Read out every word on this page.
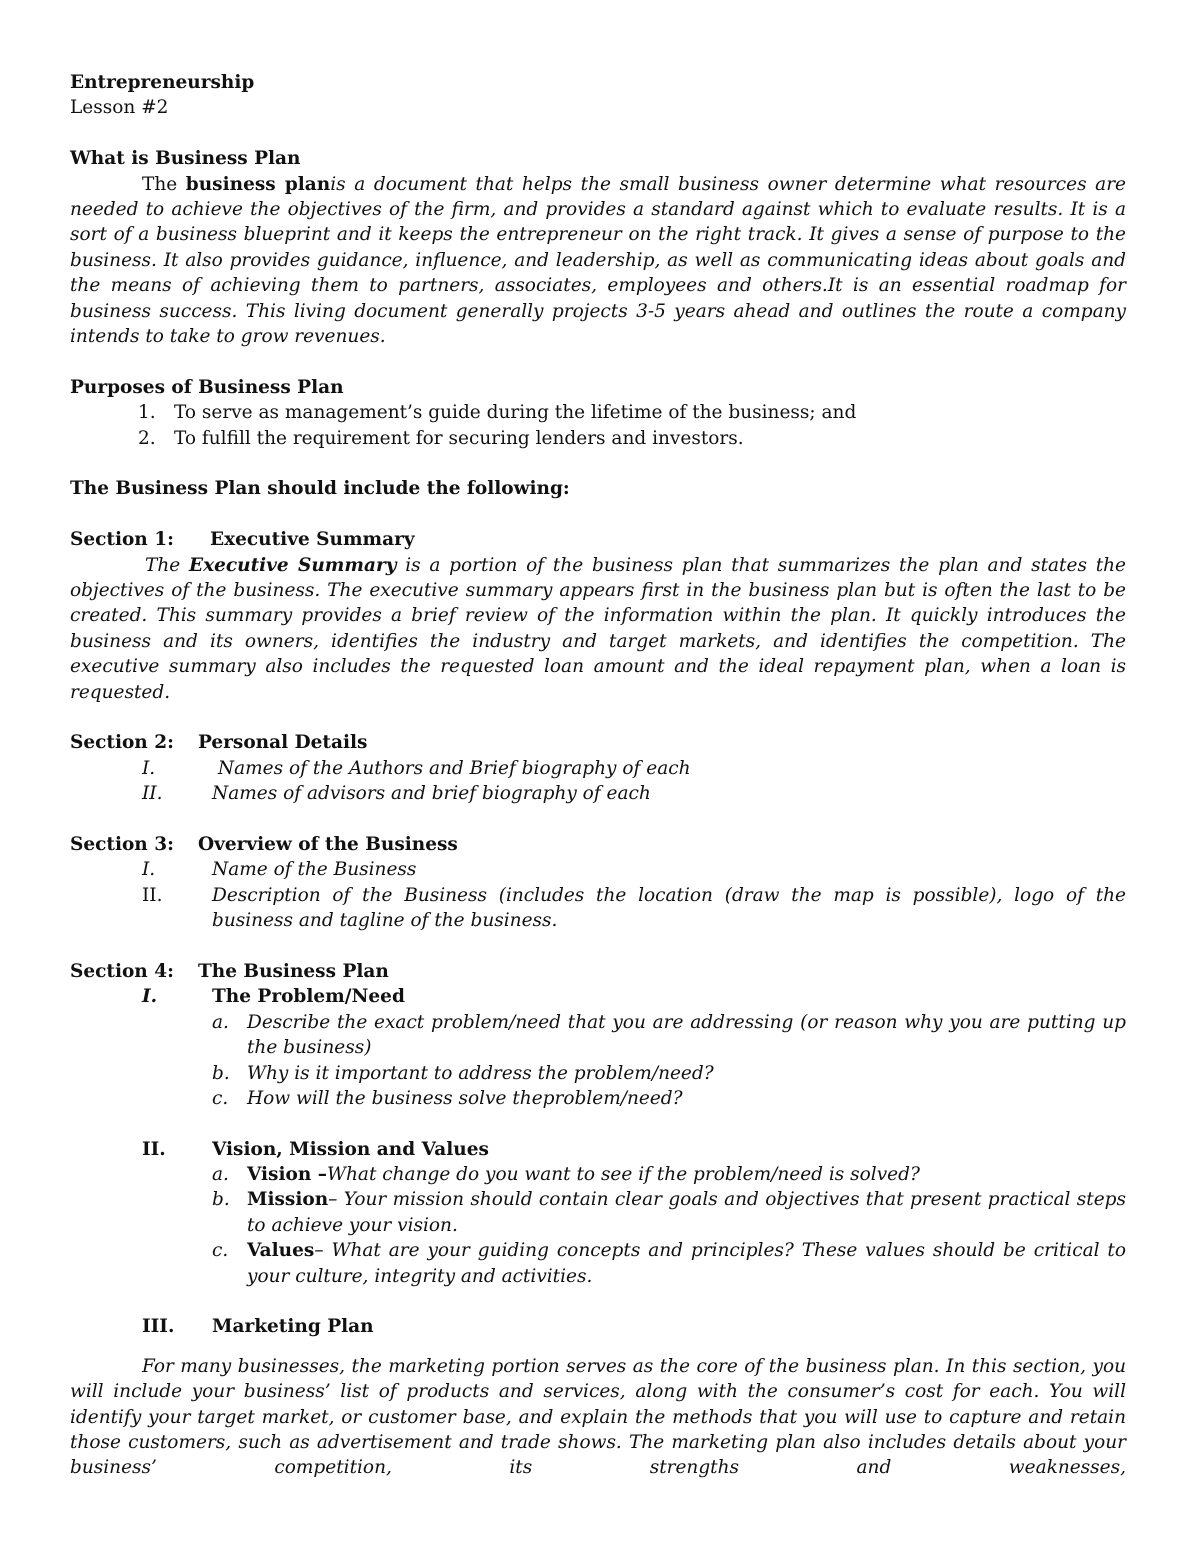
Entrepreneurship
Lesson #2
What is Business Plan

The business planis a document that helps the small business owner determine what resources are needed to achieve the objectives of the firm, and provides a standard against which to evaluate results. It is a sort of a business blueprint and it keeps the entrepreneur on the right track. It gives a sense of purpose to the business. It also provides guidance, influence, and leadership, as well as communicating ideas about goals and the means of achieving them to partners, associates, employees and others.It is an essential roadmap for business success. This living document generally projects 3-5 years ahead and outlines the route a company intends to take to grow revenues.

Purposes of Business Plan
1. To serve as management’s guide during the lifetime of the business; and
2. To fulfill the requirement for securing lenders and investors.
The Business Plan should include the following:
Section 1: Executive Summary

The Executive Summary is a portion of the business plan that summarizes the plan and states the objectives of the business. The executive summary appears first in the business plan but is often the last to be created. This summary provides a brief review of the information within the plan. It quickly introduces the business and its owners, identifies the industry and target markets, and identifies the competition. The executive summary also includes the requested loan amount and the ideal repayment plan, when a loan is requested.

Section 2: Personal Details
I.	Names of the Authors and Brief biography of each
II.	Names of advisors and brief biography of each
Section 3: Overview of the Business
I.	Name of the Business
II.	Description of the Business (includes the location (draw the map is possible), logo of the business and tagline of the business.

Section 4: The Business Plan
I.	The Problem/Need
a. Describe the exact problem/need that you are addressing (or reason why you are putting up the business)

b. Why is it important to address the problem/need?
c. How will the business solve theproblem/need?
II.	Vision, Mission and Values
a. Vision –What change do you want to see if the problem/need is solved?
b. Mission– Your mission should contain clear goals and objectives that present practical steps to achieve your vision.

c. Values– What are your guiding concepts and principles? These values should be critical to your culture, integrity and activities.

III. Marketing Plan

For many businesses, the marketing portion serves as the core of the business plan. In this section, you will include your business’ list of products and services, along with the consumer’s cost for each. You will identify your target market, or customer base, and explain the methods that you will use to capture and retain those customers, such as advertisement and trade shows. The marketing plan also includes details about your business’ competition, its strengths and weaknesses,
